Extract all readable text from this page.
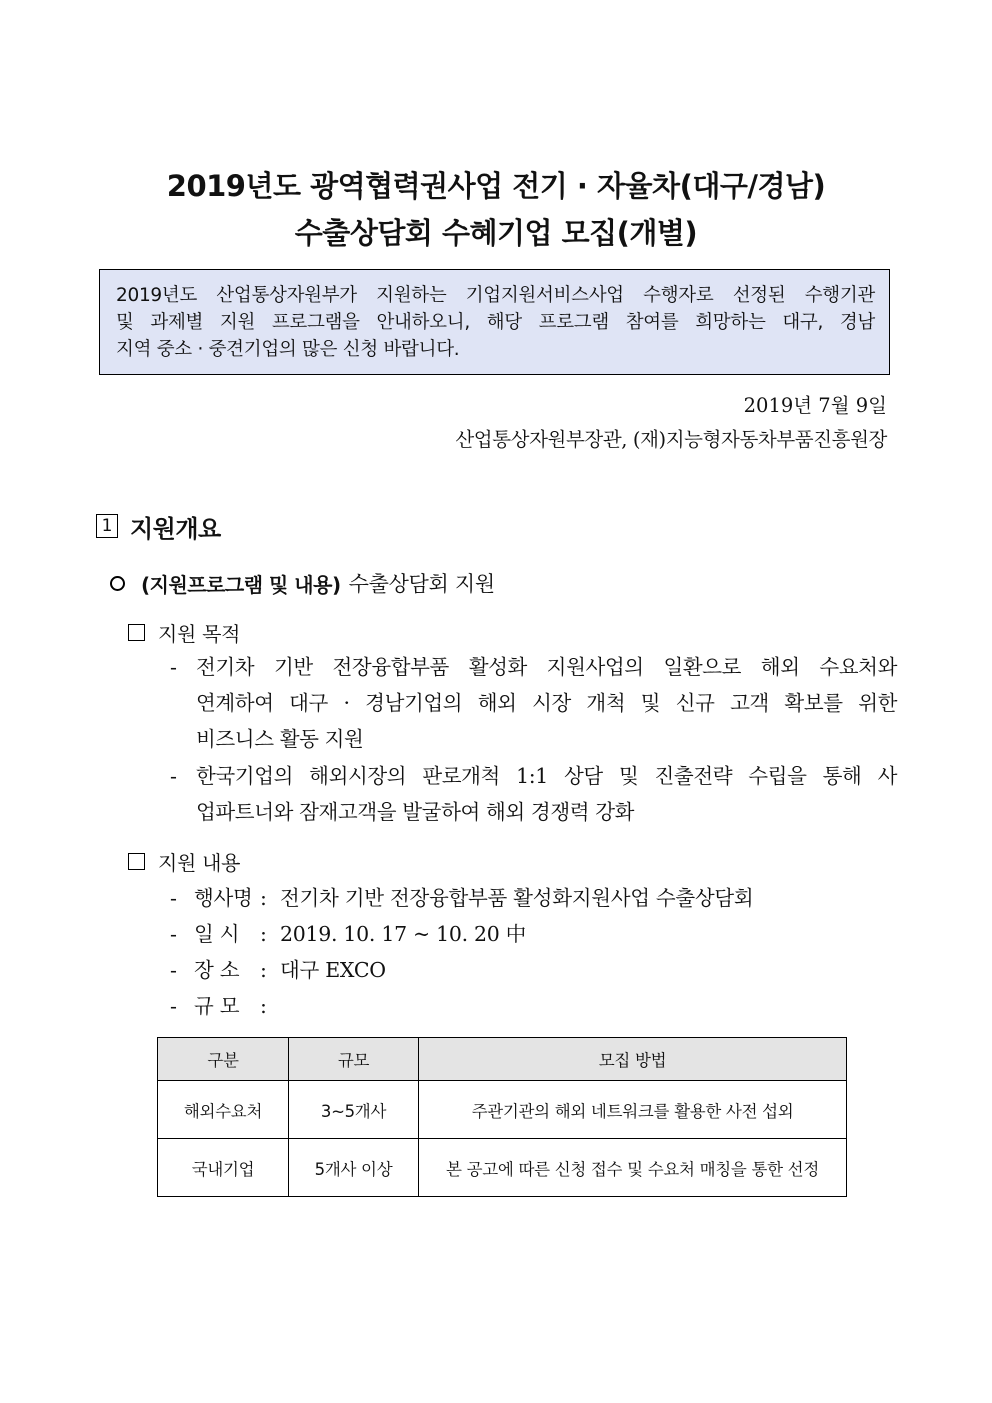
2019년도 광역협력권사업 전기 · 자율차(대구/경남)
수출상담회 수혜기업 모집(개별)
2019년도 산업통상자원부가 지원하는 기업지원서비스사업 수행자로 선정된 수행기관
및 과제별 지원 프로그램을 안내하오니, 해당 프로그램 참여를 희망하는 대구, 경남
지역 중소 · 중견기업의 많은 신청 바랍니다.
2019년 7월 9일
산업통상자원부장관, (재)지능형자동차부품진흥원장
1 지원개요
(지원프로그램 및 내용) 수출상담회 지원
지원 목적
- 전기차 기반 전장융합부품 활성화 지원사업의 일환으로 해외 수요처와
연계하여 대구 · 경남기업의 해외 시장 개척 및 신규 고객 확보를 위한
비즈니스 활동 지원
- 한국기업의 해외시장의 판로개척 1:1 상담 및 진출전략 수립을 통해 사
업파트너와 잠재고객을 발굴하여 해외 경쟁력 강화
지원 내용
- 행사명 : 전기차 기반 전장융합부품 활성화지원사업 수출상담회
- 일 시 : 2019. 10. 17 ~ 10. 20 中
- 장 소 : 대구 EXCO
- 규 모 :
구분	규모	모집 방법
해외수요처	3~5개사	주관기관의 해외 네트워크를 활용한 사전 섭외
국내기업	5개사 이상	본 공고에 따른 신청 접수 및 수요처 매칭을 통한 선정
